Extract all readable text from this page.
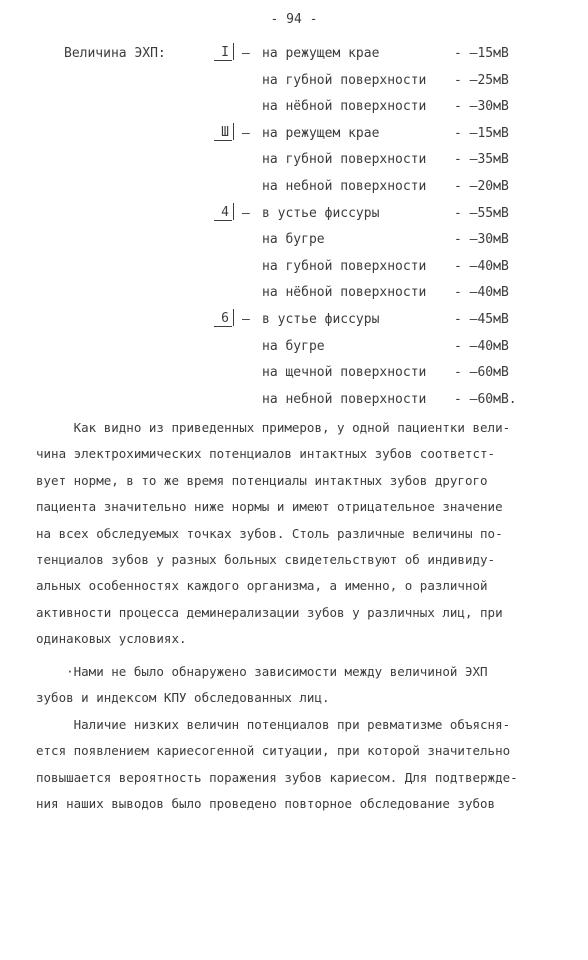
- 94 -
Величина ЭХП:	I – на режущем крае	- –15мВ
на губной поверхности - –25мВ
на нёбной поверхности - –30мВ
Ш – на режущем крае	- –15мВ
на губной поверхности - –35мВ
на небной поверхности - –20мВ
4 – в устье фиссуры	- –55мВ
на бугре	- –30мВ
на губной поверхности - –40мВ
на нёбной поверхности - –40мВ
6 – в устье фиссуры	- –45мВ
на бугре	- –40мВ
на щечной поверхности - –60мВ
на небной поверхности - –60мВ.
Как видно из приведенных примеров, у одной пациентки вели-
чина электрохимических потенциалов интактных зубов соответст-
вует норме, в то же время потенциалы интактных зубов другого
пациента значительно ниже нормы и имеют отрицательное значение
на всех обследуемых точках зубов. Столь различные величины по-
тенциалов зубов у разных больных свидетельствуют об индивиду-
альных особенностях каждого организма, а именно, о различной
активности процесса деминерализации зубов у различных лиц, при
одинаковых условиях.
·Нами не было обнаружено зависимости между величиной ЭХП
зубов и индексом КПУ обследованных лиц.
Наличие низких величин потенциалов при ревматизме объясня-
ется появлением кариесогенной ситуации, при которой значительно
повышается вероятность поражения зубов кариесом. Для подтвержде-
ния наших выводов было проведено повторное обследование зубов
